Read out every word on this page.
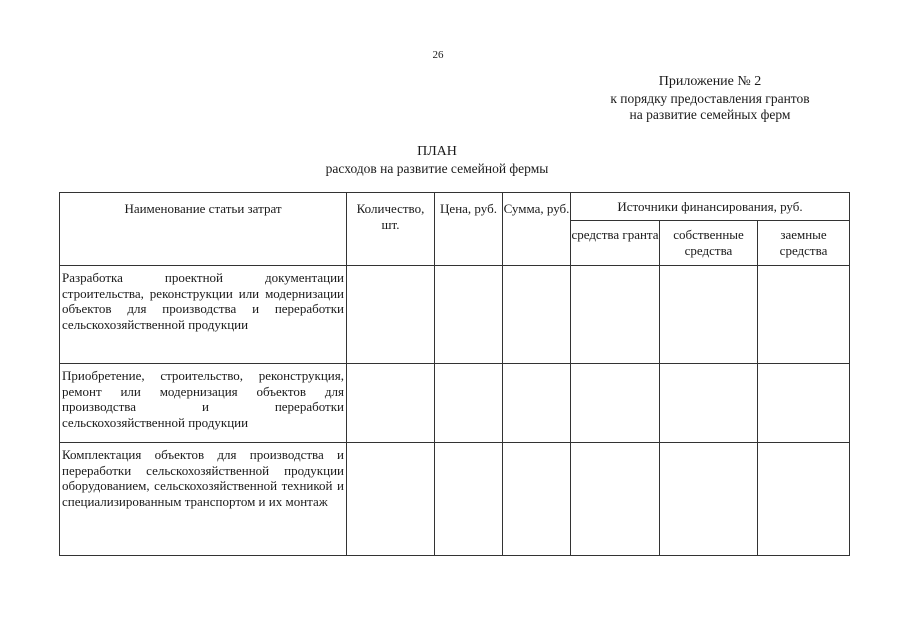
26
Приложение № 2
к порядку предоставления грантов
на развитие семейных ферм
ПЛАН
расходов на развитие семейной фермы
Наименование статьи затрат	Количество, шт.	Цена, руб.	Сумма, руб.	Источники финансирования, руб.		
				средства гранта	собственные средства	заемные средства
Разработка проектной документации строительства, реконструкции или модернизации объектов для производства и переработки сельскохозяйственной продукции						
Приобретение, строительство, реконструкция, ремонт или модернизация объектов для производства и переработки сельскохозяйственной продукции						
Комплектация объектов для производства и переработки сельскохозяйственной продукции оборудованием, сельскохозяйственной техникой и специализированным транспортом и их монтаж						
